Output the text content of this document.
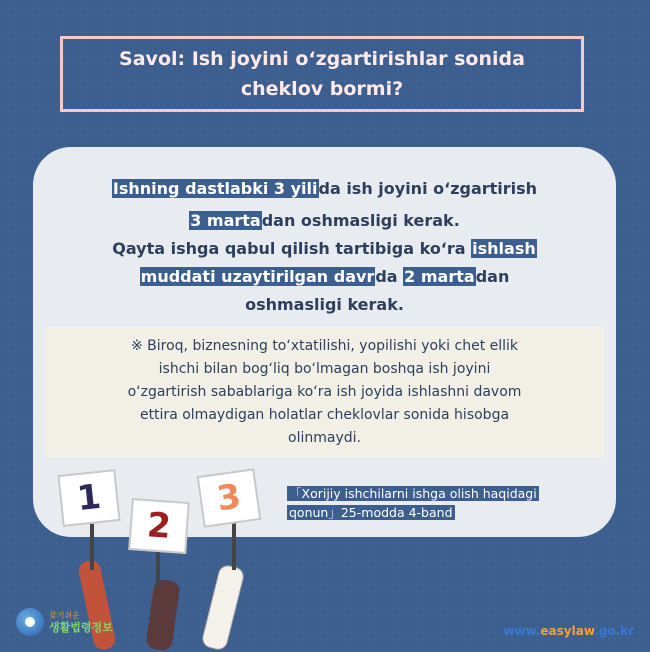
Savol: Ish joyini o‘zgartirishlar sonida
cheklov bormi?

Ishning dastlabki 3 yilida ish joyini o‘zgartirish

3 martadan oshmasligi kerak.

Qayta ishga qabul qilish tartibiga ko‘ra ishlash

muddati uzaytirilgan davrda 2 martadan

oshmasligi kerak.

※ Biroq, biznesning to‘xtatilishi, yopilishi yoki chet ellik
ishchi bilan bog‘liq bo‘lmagan boshqa ish joyini
o‘zgartirish sabablariga ko‘ra ish joyida ishlashni davom
ettira olmaydigan holatlar cheklovlar sonida hisobga
olinmaydi.
「Xorijiy ishchilarni ishga olish haqidagi
qonun」25-modda 4-band
1
2
3
찾기쉬운
생활법령정보	www.easylaw.go.kr
